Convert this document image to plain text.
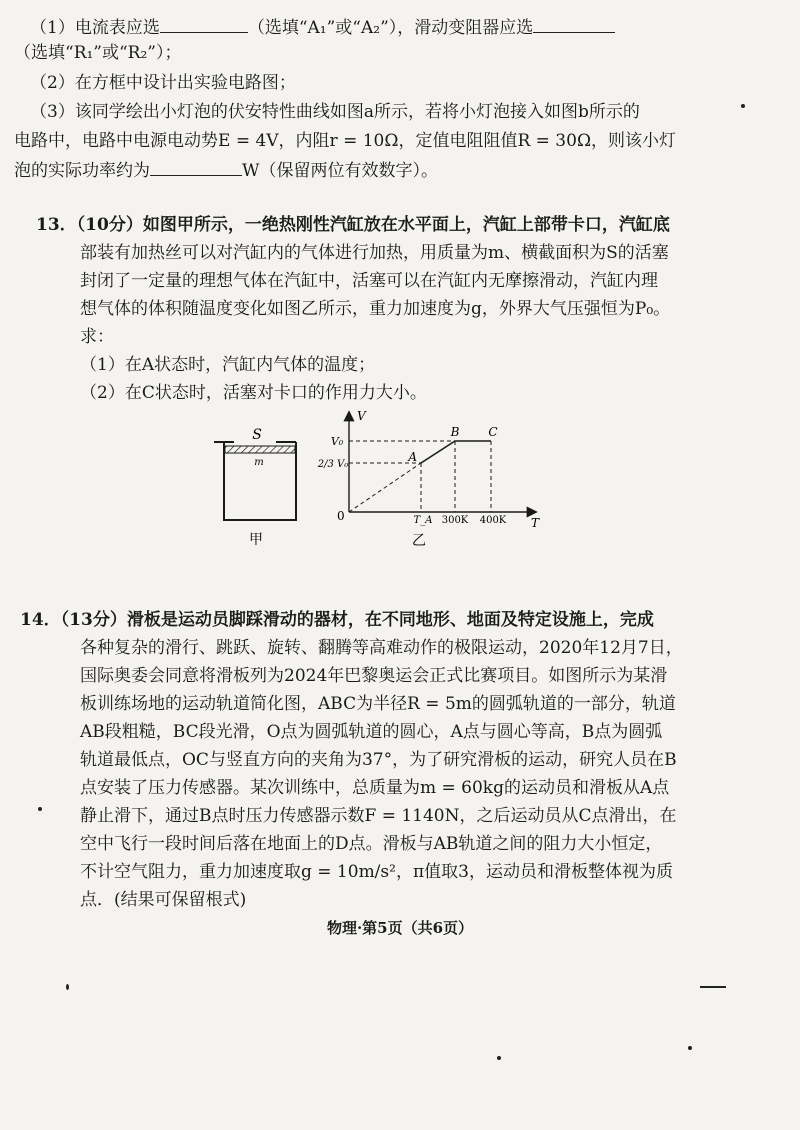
（1）电流表应选	（选填“A₁”或“A₂”），滑动变阻器应选
（选填“R₁”或“R₂”）；
（2）在方框中设计出实验电路图；
（3）该同学绘出小灯泡的伏安特性曲线如图a所示，若将小灯泡接入如图b所示的
电路中，电路中电源电动势E = 4V，内阻r = 10Ω，定值电阻阻值R = 30Ω，则该小灯
泡的实际功率约为	W（保留两位有效数字）。
13．（10分）如图甲所示，一绝热刚性汽缸放在水平面上，汽缸上部带卡口，汽缸底
部装有加热丝可以对汽缸内的气体进行加热，用质量为m、横截面积为S的活塞
封闭了一定量的理想气体在汽缸中，活塞可以在汽缸内无摩擦滑动，汽缸内理
想气体的体积随温度变化如图乙所示，重力加速度为g，外界大气压强恒为P₀。
求：
（1）在A状态时，汽缸内气体的温度；
（2）在C状态时，活塞对卡口的作用力大小。
S
m
甲
V
T
0
V₀
2/3 V₀
A
B C
T_A 300K 400K
乙
14．（13分）滑板是运动员脚踩滑动的器材，在不同地形、地面及特定设施上，完成
各种复杂的滑行、跳跃、旋转、翻腾等高难动作的极限运动，2020年12月7日，
国际奥委会同意将滑板列为2024年巴黎奥运会正式比赛项目。如图所示为某滑
板训练场地的运动轨道简化图，ABC为半径R = 5m的圆弧轨道的一部分，轨道
AB段粗糙，BC段光滑，O点为圆弧轨道的圆心，A点与圆心等高，B点为圆弧
轨道最低点，OC与竖直方向的夹角为37°，为了研究滑板的运动，研究人员在B
点安装了压力传感器。某次训练中，总质量为m = 60kg的运动员和滑板从A点
静止滑下，通过B点时压力传感器示数F = 1140N，之后运动员从C点滑出，在
空中飞行一段时间后落在地面上的D点。滑板与AB轨道之间的阻力大小恒定，
不计空气阻力，重力加速度取g = 10m/s²，π值取3，运动员和滑板整体视为质
点．(结果可保留根式)
物理·第5页（共6页）
